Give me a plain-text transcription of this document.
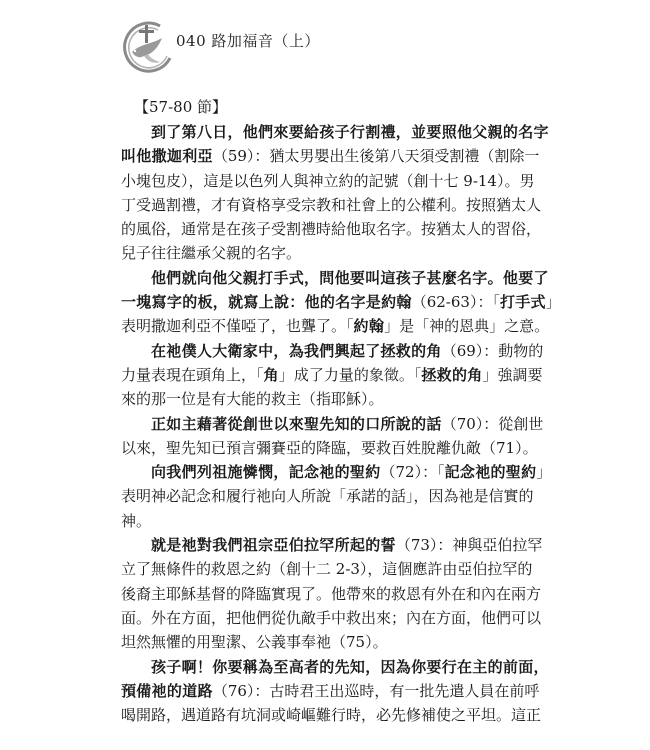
040 路加福音（上）
【57-80 節】

到了第八日，他們來要給孩子行割禮，並要照他父親的名字
叫他撒迦利亞（59）：猶太男嬰出生後第八天須受割禮（割除一
小塊包皮），這是以色列人與神立約的記號（創十七 9-14）。男
丁受過割禮，才有資格享受宗教和社會上的公權利。按照猶太人
的風俗，通常是在孩子受割禮時給他取名字。按猶太人的習俗，
兒子往往繼承父親的名字。

他們就向他父親打手式，問他要叫這孩子甚麼名字。他要了
一塊寫字的板，就寫上說：他的名字是約翰（62-63）：「打手式」
表明撒迦利亞不僅啞了，也聾了。「約翰」是「神的恩典」之意。

在祂僕人大衛家中，為我們興起了拯救的角（69）：動物的
力量表現在頭角上，「角」成了力量的象徵。「拯救的角」強調要
來的那一位是有大能的救主（指耶穌）。

正如主藉著從創世以來聖先知的口所說的話（70）：從創世
以來，聖先知已預言彌賽亞的降臨，要救百姓脫離仇敵（71）。

向我們列祖施憐憫，記念祂的聖約（72）：「記念祂的聖約」
表明神必記念和履行祂向人所說「承諾的話」，因為祂是信實的
神。

就是祂對我們祖宗亞伯拉罕所起的誓（73）：神與亞伯拉罕
立了無條件的救恩之約（創十二 2-3），這個應許由亞伯拉罕的
後裔主耶穌基督的降臨實現了。他帶來的救恩有外在和內在兩方
面。外在方面，把他們從仇敵手中救出來；內在方面，他們可以
坦然無懼的用聖潔、公義事奉祂（75）。

孩子啊！你要稱為至高者的先知，因為你要行在主的前面，
預備祂的道路（76）：古時君王出巡時，有一批先遣人員在前呼
喝開路，遇道路有坑洞或崎嶇難行時，必先修補使之平坦。這正
